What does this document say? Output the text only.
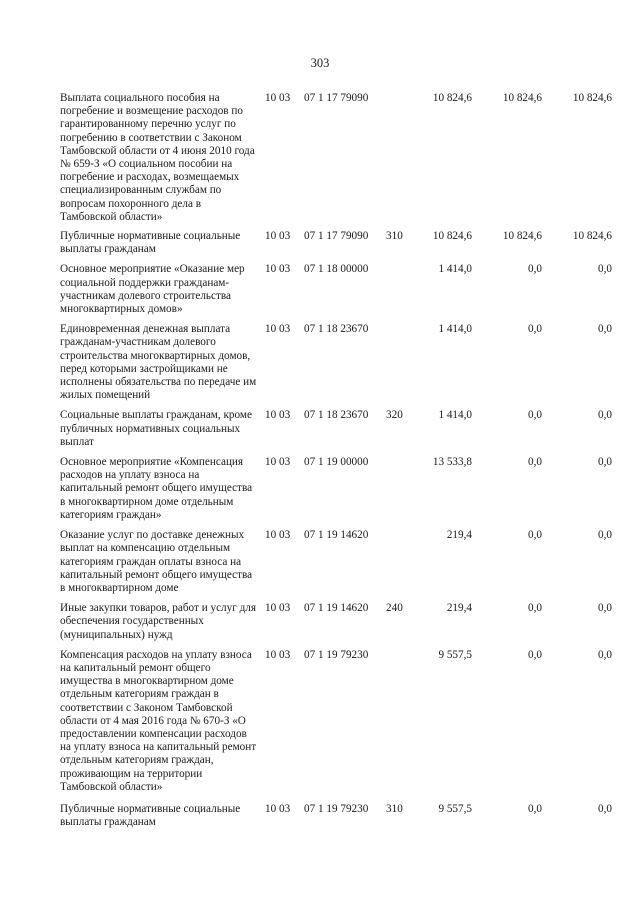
303
Выплата социального пособия на погребение и возмещение расходов по гарантированному перечню услуг по погребению в соответствии с Законом Тамбовской области от 4 июня 2010 года № 659-З «О социальном пособии на погребение и расходах, возмещаемых специализированным службам по вопросам похоронного дела в Тамбовской области»
10 03 07 1 17 79090	10 824,6	10 824,6	10 824,6
Публичные нормативные социальные выплаты гражданам
10 03 07 1 17 79090 310	10 824,6	10 824,6	10 824,6
Основное мероприятие «Оказание мер социальной поддержки гражданам-участникам долевого строительства многоквартирных домов»
10 03 07 1 18 00000	1 414,0	0,0	0,0
Единовременная денежная выплата гражданам-участникам долевого строительства многоквартирных домов, перед которыми застройщиками не исполнены обязательства по передаче им жилых помещений
10 03 07 1 18 23670	1 414,0	0,0	0,0
Социальные выплаты гражданам, кроме публичных нормативных социальных выплат
10 03 07 1 18 23670 320	1 414,0	0,0	0,0
Основное мероприятие «Компенсация расходов на уплату взноса на капитальный ремонт общего имущества в многоквартирном доме отдельным категориям граждан»
10 03 07 1 19 00000	13 533,8	0,0	0,0
Оказание услуг по доставке денежных выплат на компенсацию отдельным категориям граждан оплаты взноса на капитальный ремонт общего имущества в многоквартирном доме
10 03 07 1 19 14620	219,4	0,0	0,0
Иные закупки товаров, работ и услуг для обеспечения государственных (муниципальных) нужд
10 03 07 1 19 14620 240	219,4	0,0	0,0
Компенсация расходов на уплату взноса на капитальный ремонт общего имущества в многоквартирном доме отдельным категориям граждан в соответствии с Законом Тамбовской области от 4 мая 2016 года № 670-З «О предоставлении компенсации расходов на уплату взноса на капитальный ремонт отдельным категориям граждан, проживающим на территории Тамбовской области»
10 03 07 1 19 79230	9 557,5	0,0	0,0
Публичные нормативные социальные выплаты гражданам
10 03 07 1 19 79230 310	9 557,5	0,0	0,0
